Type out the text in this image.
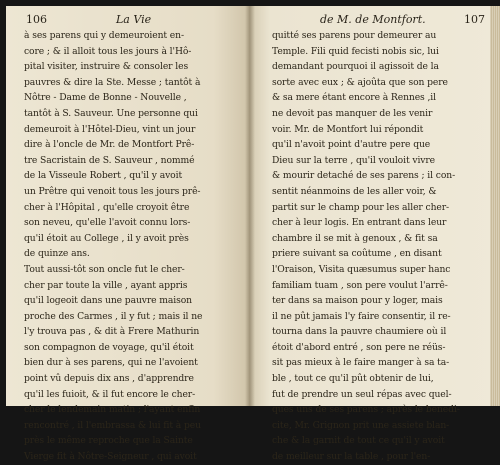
106	La Vie
à ses parens qui y demeuroient en-
core ; & il alloit tous les jours à l'Hô-
pital visiter, instruire & consoler les
pauvres & dire la Ste. Messe ; tantôt à
Nôtre - Dame de Bonne - Nouvelle ,
tantôt à S. Sauveur. Une personne qui
demeuroit à l'Hôtel-Dieu, vint un jour
dire à l'oncle de Mr. de Montfort Prê-
tre Sacristain de S. Sauveur , nommé
de la Visseule Robert , qu'il y avoit
un Prêtre qui venoit tous les jours prê-
cher à l'Hôpital , qu'elle croyoit être
son neveu, qu'elle l'avoit connu lors-
qu'il étoit au College , il y avoit près
de quinze ans.
Tout aussi-tôt son oncle fut le cher-
cher par toute la ville , ayant appris
qu'il logeoit dans une pauvre maison
proche des Carmes , il y fut ; mais il ne
l'y trouva pas , & dit à Frere Mathurin
son compagnon de voyage, qu'il étoit
bien dur à ses parens, qui ne l'avoient
point vû depuis dix ans , d'apprendre
qu'il les fuioit, & il fut encore le cher-
cher le lendemain matin ; l'ayant enfin
rencontré , il l'embrassa & lui fit à peu
près le même reproche que la Sainte
Vierge fit à Nôtre-Seigneur , qui avoit
de M. de Montfort.	107
quitté ses parens pour demeurer au
Temple. Fili quid fecisti nobis sic, lui
demandant pourquoi il agissoit de la
sorte avec eux ; & ajoûta que son pere
& sa mere étant encore à Rennes ,il
ne devoit pas manquer de les venir
voir. Mr. de Montfort lui répondit
qu'il n'avoit point d'autre pere que
Dieu sur la terre , qu'il vouloit vivre
& mourir detaché de ses parens ; il con-
sentit néanmoins de les aller voir, &
partit sur le champ pour les aller cher-
cher à leur logis. En entrant dans leur
chambre il se mit à genoux , & fit sa
priere suivant sa coûtume , en disant
l'Oraison, Visita quæsumus super hanc
familiam tuam , son pere voulut l'arrê-
ter dans sa maison pour y loger, mais
il ne pût jamais l'y faire consentir, il re-
tourna dans la pauvre chaumiere où il
étoit d'abord entré , son pere ne réüs-
sit pas mieux à le faire manger à sa ta-
ble , tout ce qu'il pût obtenir de lui,
fut de prendre un seul répas avec quel-
ques uns de ses parens ; après le benedi-
cite, Mr. Grignon prit une assiete blan-
che & la garnit de tout ce qu'il y avoit
de meilleur sur la table , pour l'en-
